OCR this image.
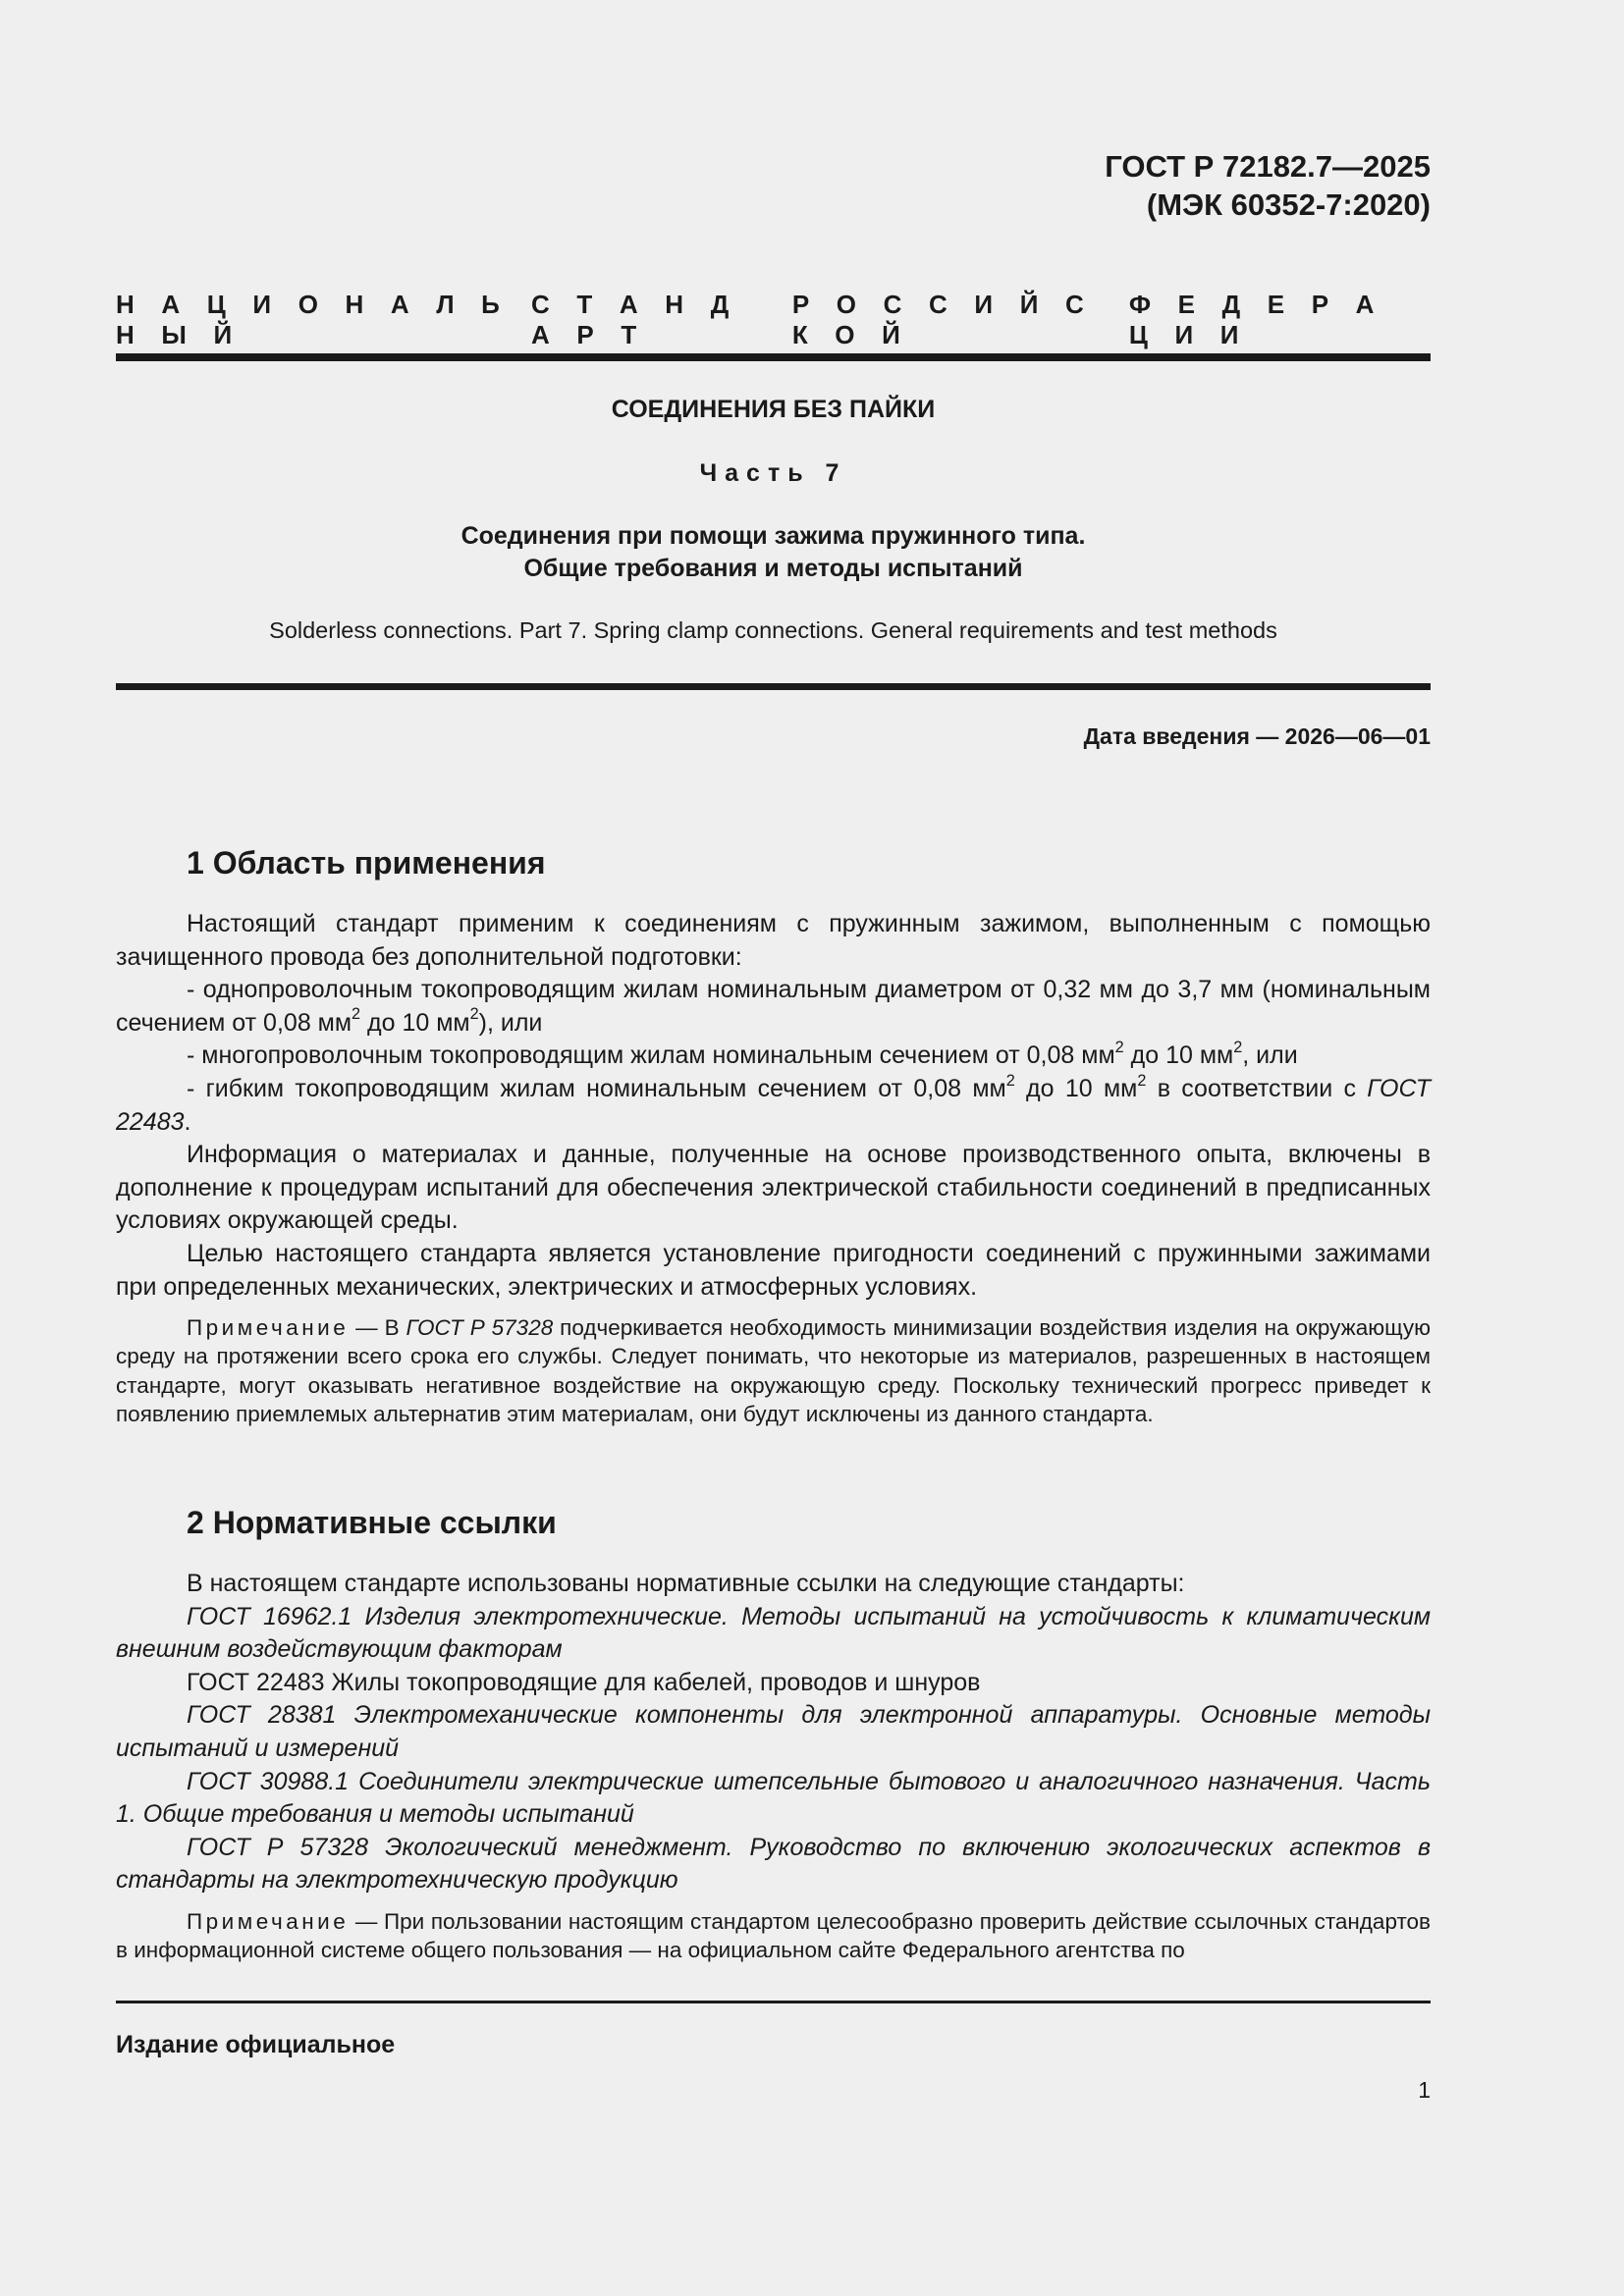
ГОСТ Р 72182.7—2025
(МЭК 60352-7:2020)
Н   А   Ц   И   О   Н   А   Л   Ь   Н   Ы   Й
С   Т   А   Н   Д   А   Р   Т
Р   О   С   С   И   Й   С   К   О   Й
Ф   Е   Д   Е   Р   А   Ц   И   И
СОЕДИНЕНИЯ БЕЗ ПАЙКИ
Часть 7
Соединения при помощи зажима пружинного типа.
Общие требования и методы испытаний
Solderless connections. Part 7. Spring clamp connections. General requirements and test methods
Дата введения — 2026—06—01
1 Область применения

Настоящий стандарт применим к соединениям с пружинным зажимом, выполненным с помощью зачищенного провода без дополнительной подготовки:

- однопроволочным токопроводящим жилам номинальным диаметром от 0,32 мм до 3,7 мм (номинальным сечением от 0,08 $мм^2$ до 10 $мм^2$), или

- многопроволочным токопроводящим жилам номинальным сечением от 0,08 $мм^2$ до 10 $мм^2$, или

- гибким токопроводящим жилам номинальным сечением от 0,08 $мм^2$ до 10 $мм^2$ в соответствии с ГОСТ 22483.

Информация о материалах и данные, полученные на основе производственного опыта, включены в дополнение к процедурам испытаний для обеспечения электрической стабильности соединений в предписанных условиях окружающей среды.

Целью настоящего стандарта является установление пригодности соединений с пружинными зажимами при определенных механических, электрических и атмосферных условиях.

Примечание — В ГОСТ Р 57328 подчеркивается необходимость минимизации воздействия изделия на окружающую среду на протяжении всего срока его службы. Следует понимать, что некоторые из материалов, разрешенных в настоящем стандарте, могут оказывать негативное воздействие на окружающую среду. Поскольку технический прогресс приведет к появлению приемлемых альтернатив этим материалам, они будут исключены из данного стандарта.

2 Нормативные ссылки

В настоящем стандарте использованы нормативные ссылки на следующие стандарты:

ГОСТ 16962.1 Изделия электротехнические. Методы испытаний на устойчивость к климатическим внешним воздействующим факторам

ГОСТ 22483 Жилы токопроводящие для кабелей, проводов и шнуров

ГОСТ 28381 Электромеханические компоненты для электронной аппаратуры. Основные методы испытаний и измерений

ГОСТ 30988.1 Соединители электрические штепсельные бытового и аналогичного назначения. Часть 1. Общие требования и методы испытаний

ГОСТ Р 57328 Экологический менеджмент. Руководство по включению экологических аспектов в стандарты на электротехническую продукцию

Примечание — При пользовании настоящим стандартом целесообразно проверить действие ссылочных стандартов в информационной системе общего пользования — на официальном сайте Федерального агентства по

Издание официальное
1
